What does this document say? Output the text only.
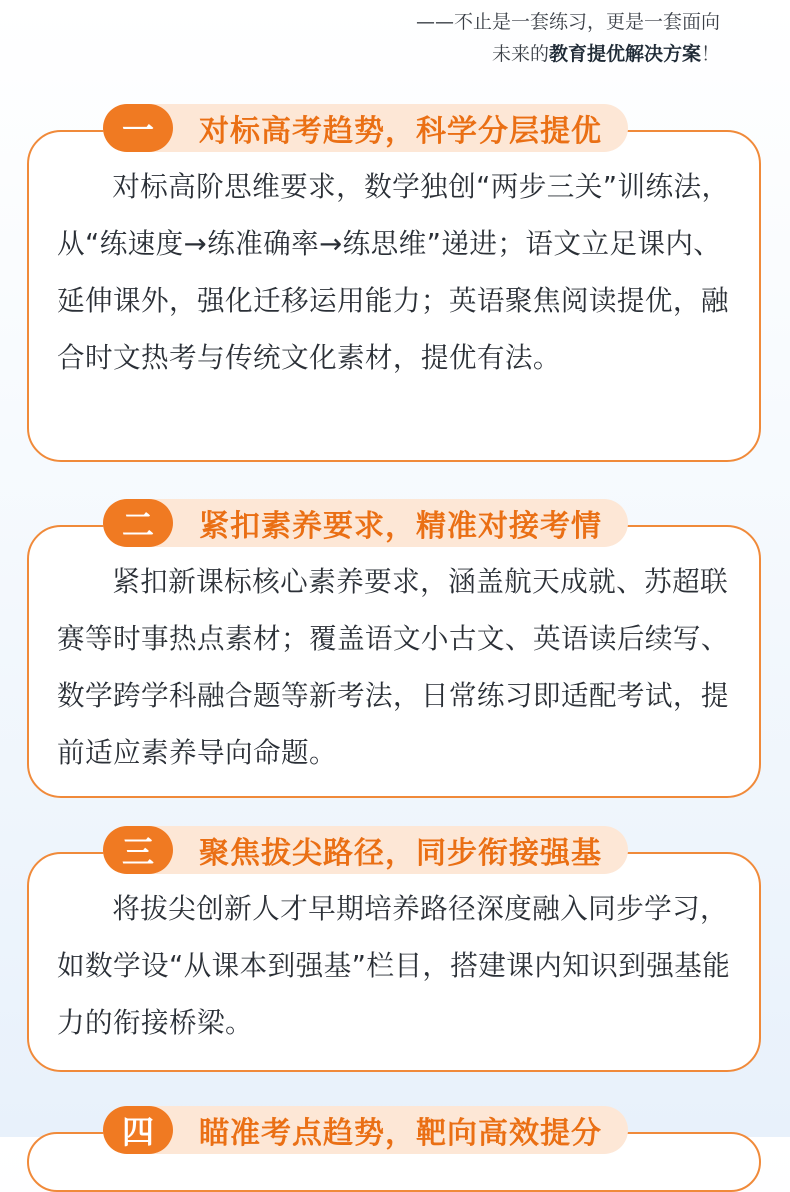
——不止是一套练习，更是一套面向
未来的教育提优解决方案！
一	对标高考趋势，科学分层提优
对标高阶思维要求，数学独创“两步三关”训练法，从“练速度→练准确率→练思维”递进；语文立足课内、延伸课外，强化迁移运用能力；英语聚焦阅读提优，融合时文热考与传统文化素材，提优有法。
二	紧扣素养要求，精准对接考情
紧扣新课标核心素养要求，涵盖航天成就、苏超联赛等时事热点素材；覆盖语文小古文、英语读后续写、数学跨学科融合题等新考法，日常练习即适配考试，提前适应素养导向命题。
三	聚焦拔尖路径，同步衔接强基
将拔尖创新人才早期培养路径深度融入同步学习，如数学设“从课本到强基”栏目，搭建课内知识到强基能力的衔接桥梁。
四	瞄准考点趋势，靶向高效提分
